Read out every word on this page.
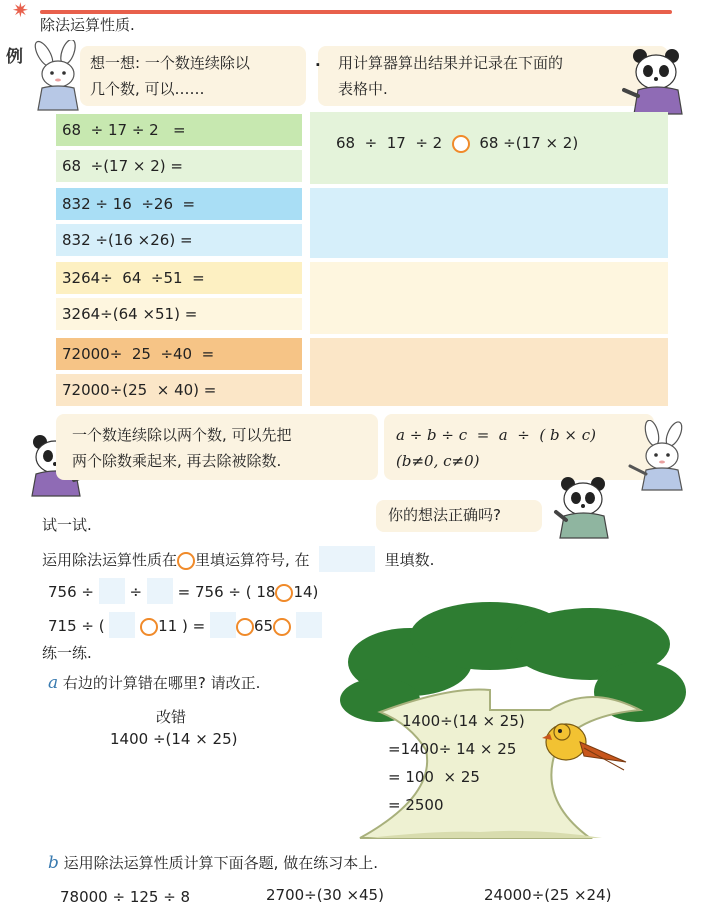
✷
除法运算性质.
例	想一想: 一个数连续除以
几个数, 可以……
. 用计算器算出结果并记录在下面的
表格中.
68  ÷ 17 ÷ 2   =
68  ÷(17 × 2) =
832 ÷ 16  ÷26  =
832 ÷(16 ×26) =
3264÷  64  ÷51  =
3264÷(64 ×51) =
72000÷  25  ÷40  =
72000÷(25  × 40) =
68  ÷  17  ÷ 2 68 ÷(17 × 2)
一个数连续除以两个数, 可以先把
两个除数乘起来, 再去除被除数.
a ÷ b ÷ c  =  a  ÷  ( b × c)
(b≠0, c≠0)
你的想法正确吗?
试一试.
运用除法运算性质在 里填运算符号, 在	里填数.
756 ÷ ÷ = 756 ÷ ( 18 14)
715 ÷ (	11 ) =	65
练一练.
a 右边的计算错在哪里? 请改正.
改错
1400 ÷(14 × 25)
1400÷(14 × 25)
=1400÷ 14 × 25
= 100  × 25
= 2500
b 运用除法运算性质计算下面各题, 做在练习本上.
78000 ÷ 125 ÷ 8	2700÷(30 ×45)	24000÷(25 ×24)
